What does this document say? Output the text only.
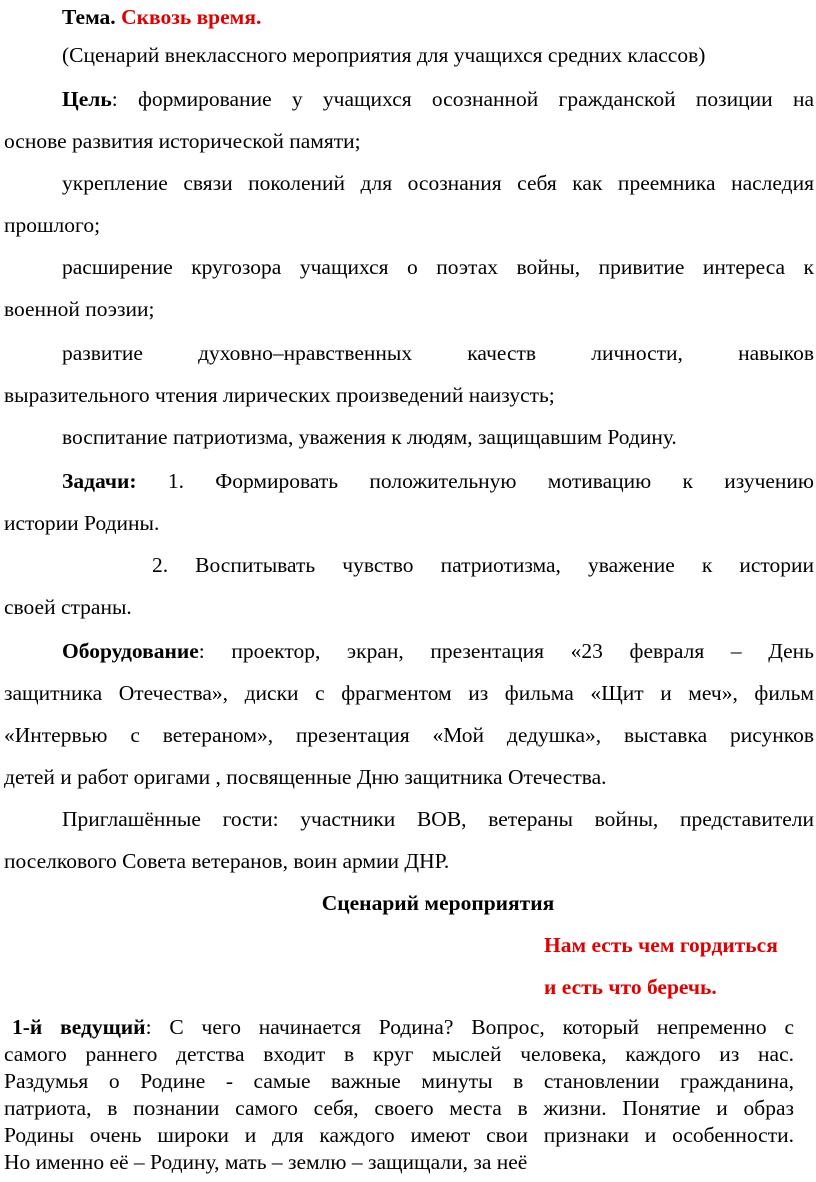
Тема. Сквозь время.
(Сценарий внеклассного мероприятия для учащихся средних классов)
Цель: формирование у учащихся осознанной гражданской позиции на
основе развития исторической памяти;
укрепление связи поколений для осознания себя как преемника наследия
прошлого;
расширение кругозора учащихся о поэтах войны, привитие интереса к
военной поэзии;
развитие духовно–нравственных качеств личности, навыков
выразительного чтения лирических произведений наизусть;
воспитание патриотизма, уважения к людям, защищавшим Родину.
Задачи: 1. Формировать положительную мотивацию к изучению
истории Родины.
2. Воспитывать чувство патриотизма, уважение к истории
своей страны.
Оборудование: проектор, экран, презентация «23 февраля – День
защитника Отечества», диски с фрагментом из фильма «Щит и меч», фильм
«Интервью с ветераном», презентация «Мой дедушка», выставка рисунков
детей и работ оригами , посвященные Дню защитника Отечества.
Приглашённые гости: участники ВОВ, ветераны войны, представители
поселкового Совета ветеранов, воин армии ДНР.
Сценарий мероприятия
Нам есть чем гордиться
и есть что беречь.
1-й ведущий: С чего начинается Родина? Вопрос, который непременно с
самого раннего детства входит в круг мыслей человека, каждого из нас.
Раздумья о Родине - самые важные минуты в становлении гражданина,
патриота, в познании самого себя, своего места в жизни. Понятие и образ
Родины очень широки и для каждого имеют свои признаки и особенности.
Но именно её – Родину, мать – землю – защищали, за неё
